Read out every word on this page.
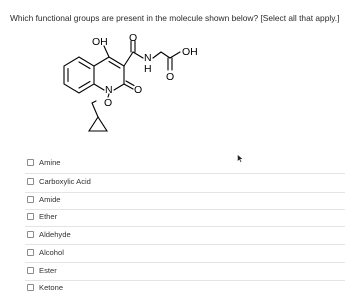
Which functional groups are present in the molecule shown below? [Select all that apply.]
OH O
N O
O
N
H
OH
O
Amine
Carboxylic Acid
Amide
Ether
Aldehyde
Alcohol
Ester
Ketone
